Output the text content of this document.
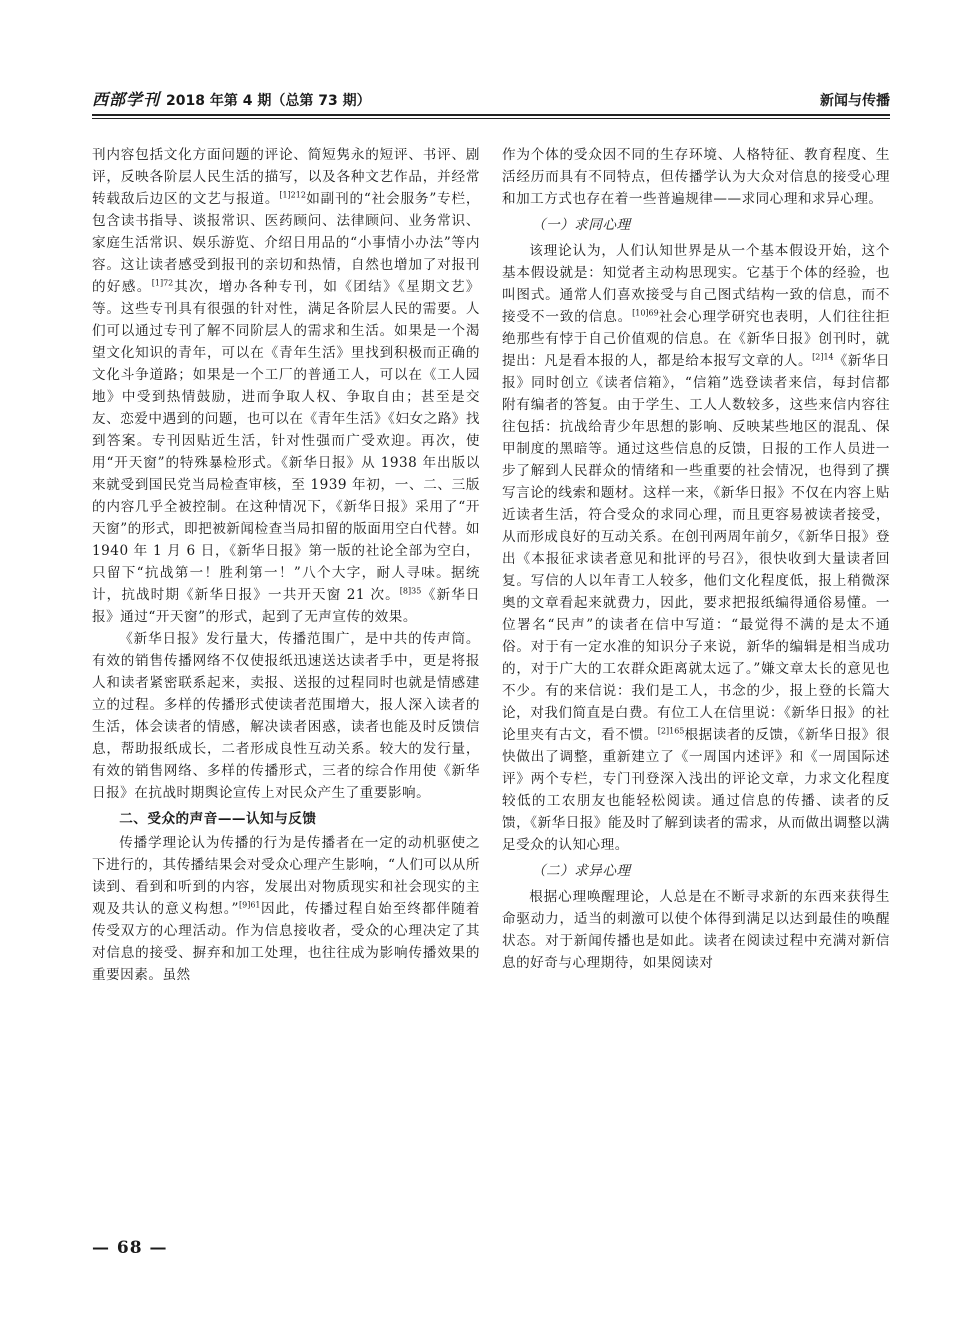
西部学刊 2018 年第 4 期（总第 73 期）	新闻与传播

刊内容包括文化方面问题的评论、简短隽永的短评、书评、剧评，反映各阶层人民生活的描写，以及各种文艺作品，并经常转载敌后边区的文艺与报道。$^{[1]212}$如副刊的“社会服务”专栏，包含读书指导、谈报常识、医药顾问、法律顾问、业务常识、家庭生活常识、娱乐游览、介绍日用品的“小事情小办法”等内容。这让读者感受到报刊的亲切和热情，自然也增加了对报刊的好感。$^{[1]72}$其次，增办各种专刊，如《团结》《星期文艺》等。这些专刊具有很强的针对性，满足各阶层人民的需要。人们可以通过专刊了解不同阶层人的需求和生活。如果是一个渴望文化知识的青年，可以在《青年生活》里找到积极而正确的文化斗争道路；如果是一个工厂的普通工人，可以在《工人园地》中受到热情鼓励，进而争取人权、争取自由；甚至是交友、恋爱中遇到的问题，也可以在《青年生活》《妇女之路》找到答案。专刊因贴近生活，针对性强而广受欢迎。再次，使用“开天窗”的特殊暴检形式。《新华日报》从 1938 年出版以来就受到国民党当局检查审核，至 1939 年初，一、二、三版的内容几乎全被控制。在这种情况下，《新华日报》采用了“开天窗”的形式，即把被新闻检查当局扣留的版面用空白代替。如 1940 年 1 月 6 日，《新华日报》第一版的社论全部为空白，只留下“抗战第一！胜利第一！”八个大字，耐人寻味。据统计，抗战时期《新华日报》一共开天窗 21 次。$^{[8]35}$《新华日报》通过“开天窗”的形式，起到了无声宣传的效果。

《新华日报》发行量大，传播范围广，是中共的传声筒。有效的销售传播网络不仅使报纸迅速送达读者手中，更是将报人和读者紧密联系起来，卖报、送报的过程同时也就是情感建立的过程。多样的传播形式使读者范围增大，报人深入读者的生活，体会读者的情感，解决读者困惑，读者也能及时反馈信息，帮助报纸成长，二者形成良性互动关系。较大的发行量，有效的销售网络、多样的传播形式，三者的综合作用使《新华日报》在抗战时期舆论宣传上对民众产生了重要影响。

二、受众的声音——认知与反馈

传播学理论认为传播的行为是传播者在一定的动机驱使之下进行的，其传播结果会对受众心理产生影响，“人们可以从所读到、看到和听到的内容，发展出对物质现实和社会现实的主观及共认的意义构想。”$^{[9]61}$因此，传播过程自始至终都伴随着传受双方的心理活动。作为信息接收者，受众的心理决定了其对信息的接受、摒弃和加工处理，也往往成为影响传播效果的重要因素。虽然

作为个体的受众因不同的生存环境、人格特征、教育程度、生活经历而具有不同特点，但传播学认为大众对信息的接受心理和加工方式也存在着一些普遍规律——求同心理和求异心理。

（一）求同心理

该理论认为，人们认知世界是从一个基本假设开始，这个基本假设就是：知觉者主动构思现实。它基于个体的经验，也叫图式。通常人们喜欢接受与自己图式结构一致的信息，而不接受不一致的信息。$^{[10]69}$社会心理学研究也表明，人们往往拒绝那些有悖于自己价值观的信息。在《新华日报》创刊时，就提出：凡是看本报的人，都是给本报写文章的人。$^{[2]14}$《新华日报》同时创立《读者信箱》，“信箱”选登读者来信，每封信都附有编者的答复。由于学生、工人人数较多，这些来信内容往往包括：抗战给青少年思想的影响、反映某些地区的混乱、保甲制度的黑暗等。通过这些信息的反馈，日报的工作人员进一步了解到人民群众的情绪和一些重要的社会情况，也得到了撰写言论的线索和题材。这样一来，《新华日报》不仅在内容上贴近读者生活，符合受众的求同心理，而且更容易被读者接受，从而形成良好的互动关系。在创刊两周年前夕，《新华日报》登出《本报征求读者意见和批评的号召》，很快收到大量读者回复。写信的人以年青工人较多，他们文化程度低，报上稍微深奥的文章看起来就费力，因此，要求把报纸编得通俗易懂。一位署名“民声”的读者在信中写道：“最觉得不满的是太不通俗。对于有一定水准的知识分子来说，新华的编辑是相当成功的，对于广大的工农群众距离就太远了。”嫌文章太长的意见也不少。有的来信说：我们是工人，书念的少，报上登的长篇大论，对我们简直是白费。有位工人在信里说：《新华日报》的社论里夹有古文，看不惯。$^{[2]165}$根据读者的反馈，《新华日报》很快做出了调整，重新建立了《一周国内述评》和《一周国际述评》两个专栏，专门刊登深入浅出的评论文章，力求文化程度较低的工农朋友也能轻松阅读。通过信息的传播、读者的反馈，《新华日报》能及时了解到读者的需求，从而做出调整以满足受众的认知心理。

（二）求异心理

根据心理唤醒理论，人总是在不断寻求新的东西来获得生命驱动力，适当的刺激可以使个体得到满足以达到最佳的唤醒状态。对于新闻传播也是如此。读者在阅读过程中充满对新信息的好奇与心理期待，如果阅读对

— 68 —
